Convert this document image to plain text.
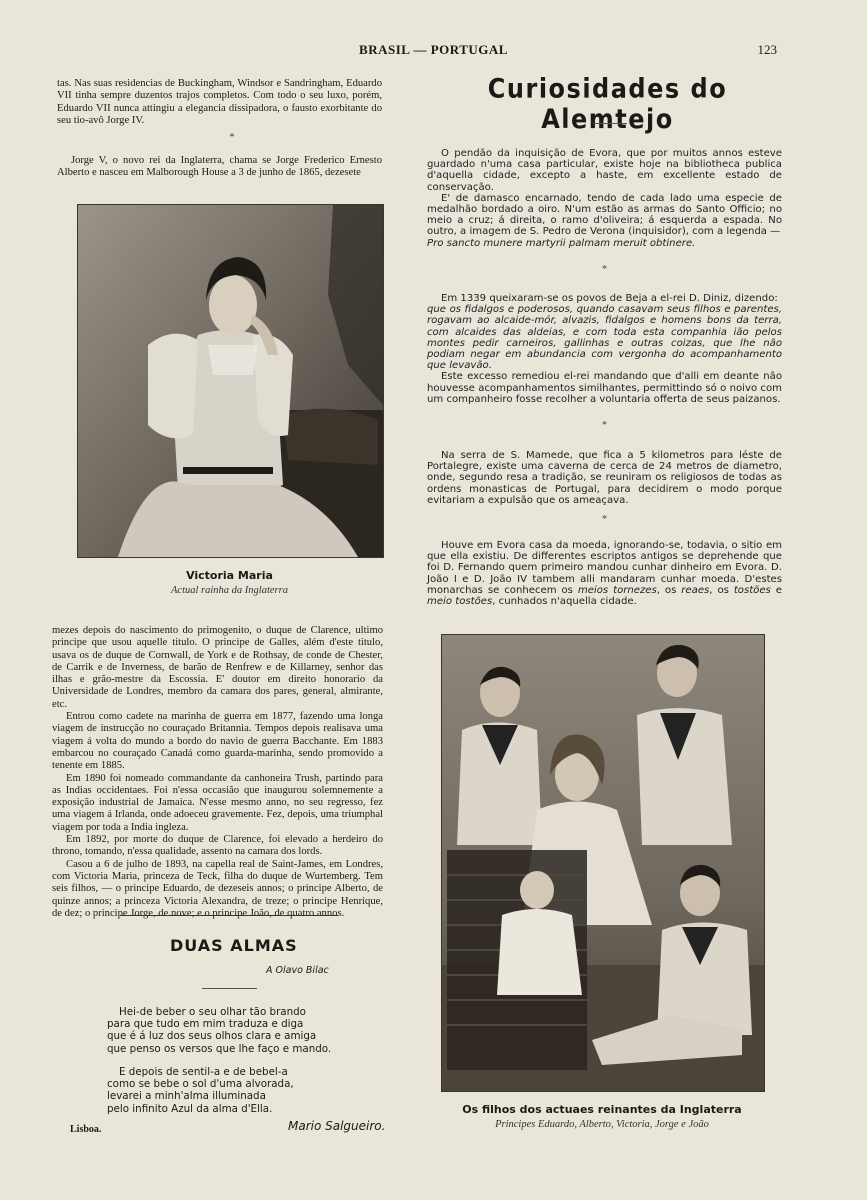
BRASIL — PORTUGAL	123

tas. Nas suas residencias de Buckingham, Windsor e Sandringham, Eduardo VII tinha sempre duzentos trajos completos. Com todo o seu luxo, porém, Eduardo VII nunca attingiu a elegancia dissipadora, o fausto exorbitante do seu tio-avô Jorge IV.

*

Jorge V, o novo rei da Inglaterra, chama se Jorge Frederico Ernesto Alberto e nasceu em Malborough House a 3 de junho de 1865, dezesete

Victoria Maria
Actual rainha da Inglaterra

mezes depois do nascimento do primogenito, o duque de Clarence, ultimo principe que usou aquelle titulo. O principe de Galles, além d'este titulo, usava os de duque de Cornwall, de York e de Rothsay, de conde de Chester, de Carrik e de Inverness, de barão de Renfrew e de Killarney, senhor das ilhas e grão-mestre da Escossia. E' doutor em direito honorario da Universidade de Londres, membro da camara dos pares, general, almirante, etc.

Entrou como cadete na marinha de guerra em 1877, fazendo uma longa viagem de instrucção no couraçado Britannia. Tempos depois realisava uma viagem á volta do mundo a bordo do navio de guerra Bacchante. Em 1883 embarcou no couraçado Canadá como guarda-marinha, sendo promovido a tenente em 1885.

Em 1890 foi nomeado commandante da canhoneira Trush, partindo para as Indias occidentaes. Foi n'essa occasião que inaugurou solemnemente a exposição industrial de Jamaica. N'esse mesmo anno, no seu regresso, fez uma viagem á Irlanda, onde adoeceu gravemente. Fez, depois, uma triumphal viagem por toda a India ingleza.

Em 1892, por morte do duque de Clarence, foi elevado a herdeiro do throno, tomando, n'essa qualidade, assento na camara dos lords.

Casou a 6 de julho de 1893, na capella real de Saint-James, em Londres, com Victoria Maria, princeza de Teck, filha do duque de Wurtemberg. Tem seis filhos, — o principe Eduardo, de dezeseis annos; o principe Alberto, de quinze annos; a princeza Victoria Alexandra, de treze; o principe Henrique, de dez; o principe Jorge, de nove; e o principe João, de quatro annos.

DUAS ALMAS
A Olavo Bilac
Hei-de beber o seu olhar tão brando
para que tudo em mim traduza e diga
que é á luz dos seus olhos clara e amiga
que penso os versos que lhe faço e mando.
E depois de sentil-a e de bebel-a
como se bebe o sol d'uma alvorada,
levarei a minh'alma illuminada
pelo infinito Azul da alma d'Ella.
Lisboa.	Mario Salgueiro.
Curiosidades do Alemtejo

O pendão da inquisição de Evora, que por muitos annos esteve guardado n'uma casa particular, existe hoje na bibliotheca publica d'aquella cidade, excepto a haste, em excellente estado de conservação.

E' de damasco encarnado, tendo de cada lado uma especie de medalhão bordado a oiro. N'um estão as armas do Santo Officio; no meio a cruz; á direita, o ramo d'oliveira; á esquerda a espada. No outro, a imagem de S. Pedro de Verona (inquisidor), com a legenda —

Pro sancto munere martyrii palmam meruit obtinere.

*

Em 1339 queixaram-se os povos de Beja a el-rei D. Diniz, dizendo:

que os fidalgos e poderosos, quando casavam seus filhos e parentes, rogavam ao alcaide-mór, alvazis, fidalgos e homens bons da terra, com alcaides das aldeias, e com toda esta companhia ião pelos montes pedir carneiros, gallinhas e outras coizas, que lhe não podiam negar em abundancia com vergonha do acompanhamento que levavão.

Este excesso remediou el-rei mandando que d'alli em deante não houvesse acompanhamentos similhantes, permittindo só o noivo com um companheiro fosse recolher a voluntaria offerta de seus paizanos.

*

Na serra de S. Mamede, que fica a 5 kilometros para léste de Portalegre, existe uma caverna de cerca de 24 metros de diametro, onde, segundo resa a tradição, se reuniram os religiosos de todas as ordens monasticas de Portugal, para decidirem o modo porque evitariam a expulsão que os ameaçava.

*

Houve em Evora casa da moeda, ignorando-se, todavia, o sitio em que ella existiu. De differentes escriptos antigos se deprehende que foi D. Fernando quem primeiro mandou cunhar dinheiro em Evora. D. João I e D. João IV tambem alli mandaram cunhar moeda. D'estes monarchas se conhecem os meios tornezes, os reaes, os tostões e meio tostões, cunhados n'aquella cidade.

Os filhos dos actuaes reinantes da Inglaterra
Principes Eduardo, Alberto, Victoria, Jorge e João
